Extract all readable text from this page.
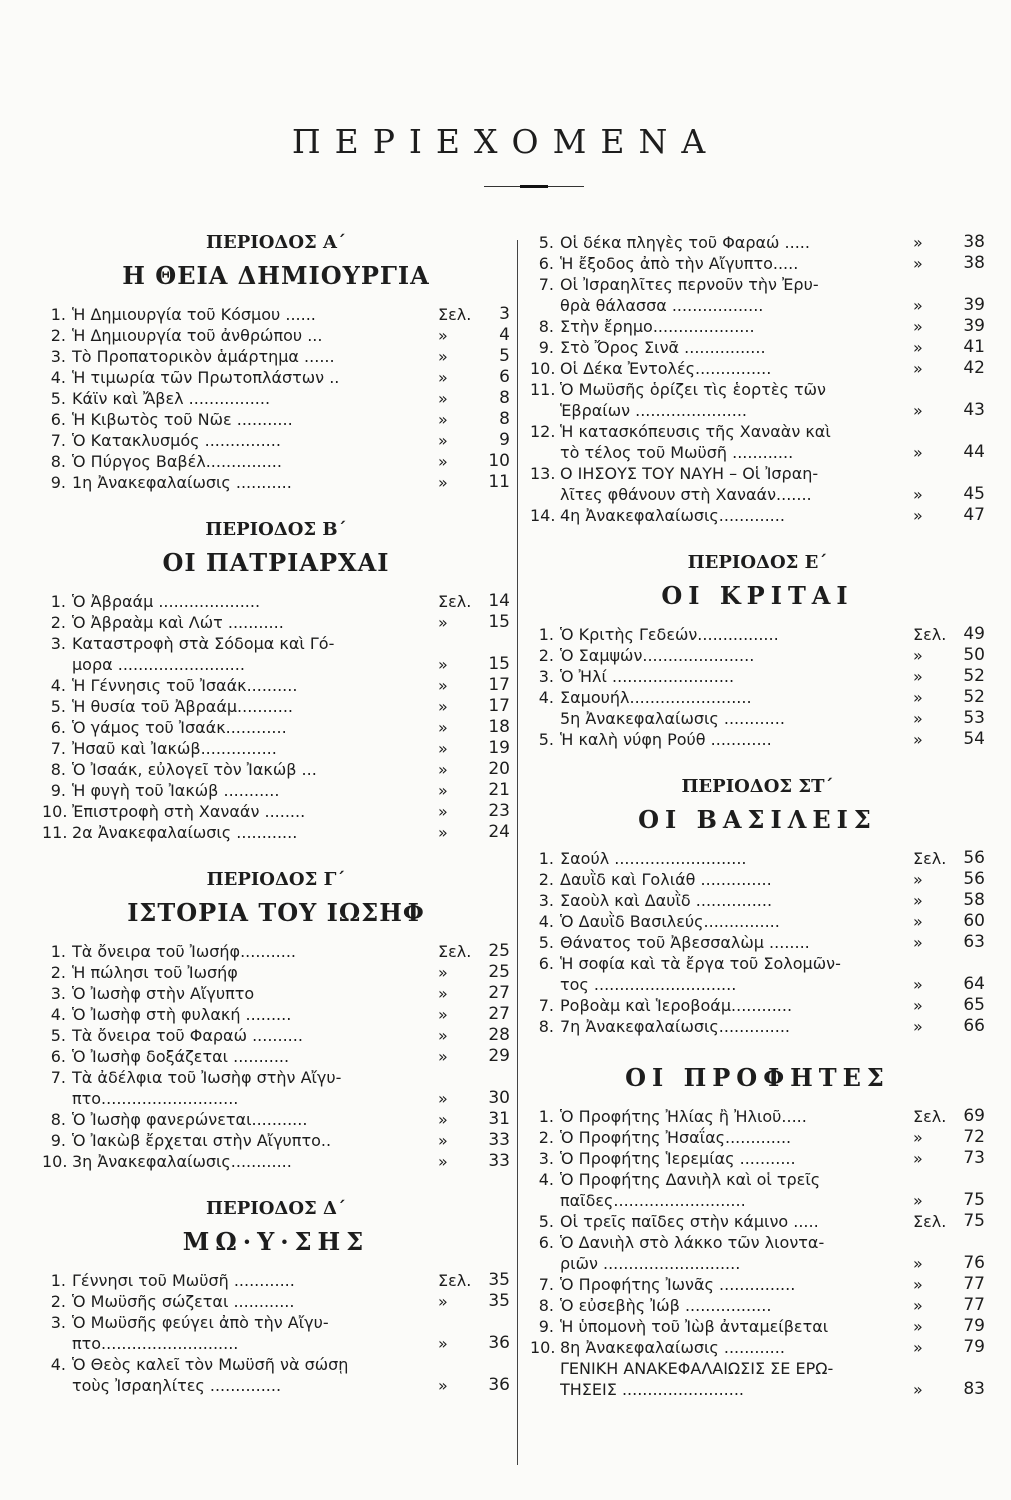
ΠΕΡΙΕΧΟΜΕΝΑ
ΠΕΡΙΟΔΟΣ Α΄
Η ΘΕΙΑ ΔΗΜΙΟΥΡΓΙΑ
1. Ἡ Δημιουργία τοῦ Κόσμου ......	Σελ.	3
2. Ἡ Δημιουργία τοῦ ἀνθρώπου ...	»	4
3. Τὸ Προπατορικὸν ἁμάρτημα ......	»	5
4. Ἡ τιμωρία τῶν Πρωτοπλάστων ..	»	6
5. Κάϊν καὶ Ἄβελ ................	»	8
6. Ἡ Κιβωτὸς τοῦ Νῶε ...........	»	8
7. Ὁ Κατακλυσμός ...............	»	9
8. Ὁ Πύργος Βαβέλ...............	»	10
9. 1η Ἀνακεφαλαίωσις ...........	»	11
ΠΕΡΙΟΔΟΣ Β΄
ΟΙ ΠΑΤΡΙΑΡΧΑΙ
1. Ὁ Ἀβραάμ ....................	Σελ.	14
2. Ὁ Ἀβραὰμ καὶ Λώτ ...........	»	15
3. Καταστροφὴ στὰ Σόδομα καὶ Γό-
μορα .........................	»	15
4. Ἡ Γέννησις τοῦ Ἰσαάκ..........	»	17
5. Ἡ θυσία τοῦ Ἀβραάμ...........	»	17
6. Ὁ γάμος τοῦ Ἰσαάκ............	»	18
7. Ἠσαῦ καὶ Ἰακώβ...............	»	19
8. Ὁ Ἰσαάκ, εὐλογεῖ τὸν Ἰακώβ ...	»	20
9. Ἡ φυγὴ τοῦ Ἰακώβ ...........	»	21
10. Ἐπιστροφὴ στὴ Χαναάν ........	»	23
11. 2α Ἀνακεφαλαίωσις ............	»	24
ΠΕΡΙΟΔΟΣ Γ΄
ΙΣΤΟΡΙΑ ΤΟΥ ΙΩΣΗΦ
1. Τὰ ὄνειρα τοῦ Ἰωσήφ...........	Σελ.	25
2. Ἡ πώλησι τοῦ Ἰωσήφ	»	25
3. Ὁ Ἰωσὴφ στὴν Αἴγυπτο	»	27
4. Ὁ Ἰωσὴφ στὴ φυλακή .........	»	27
5. Τὰ ὄνειρα τοῦ Φαραώ ..........	»	28
6. Ὁ Ἰωσὴφ δοξάζεται ...........	»	29
7. Τὰ ἀδέλφια τοῦ Ἰωσὴφ στὴν Αἴγυ-
πτο...........................	»	30
8. Ὁ Ἰωσὴφ φανερώνεται...........	»	31
9. Ὁ Ἰακὼβ ἔρχεται στὴν Αἴγυπτο..	»	33
10. 3η Ἀνακεφαλαίωσις............	»	33
ΠΕΡΙΟΔΟΣ Δ΄
ΜΩ·Υ·ΣΗΣ
1. Γέννησι τοῦ Μωϋσῆ ............	Σελ.	35
2. Ὁ Μωϋσῆς σώζεται ............	»	35
3. Ὁ Μωϋσῆς φεύγει ἀπὸ τὴν Αἴγυ-
πτο...........................	»	36
4. Ὁ Θεὸς καλεῖ τὸν Μωϋσῆ νὰ σώσῃ
τοὺς Ἰσραηλίτες ..............	»	36
5. Οἱ δέκα πληγὲς τοῦ Φαραώ .....	»	38
6. Ἡ ἔξοδος ἀπὸ τὴν Αἴγυπτο.....	»	38
7. Οἱ Ἰσραηλῖτες περνοῦν τὴν Ἐρυ-
θρὰ θάλασσα ..................	»	39
8. Στὴν ἔρημο....................	»	39
9. Στὸ Ὄρος Σινᾶ ................	»	41
10. Οἱ Δέκα Ἐντολές...............	»	42
11. Ὁ Μωϋσῆς ὁρίζει τὶς ἑορτὲς τῶν
Ἑβραίων ......................	»	43
12. Ἡ κατασκόπευσις τῆς Χαναὰν καὶ
τὸ τέλος τοῦ Μωϋσῆ ............	»	44
13. Ο ΙΗΣΟΥΣ ΤΟΥ ΝΑΥΗ – Οἱ Ἰσραη-
λῖτες φθάνουν στὴ Χαναάν.......	»	45
14. 4η Ἀνακεφαλαίωσις.............	»	47
ΠΕΡΙΟΔΟΣ Ε΄
ΟΙ ΚΡΙΤΑΙ
1. Ὁ Κριτὴς Γεδεών................	Σελ.	49
2. Ὁ Σαμψών......................	»	50
3. Ὁ Ἠλί ........................	»	52
4. Σαμουήλ........................	»	52
5η Ἀνακεφαλαίωσις ............	»	53
5. Ἡ καλὴ νύφη Ρούθ ............	»	54
ΠΕΡΙΟΔΟΣ ΣΤ΄
ΟΙ ΒΑΣΙΛΕΙΣ
1. Σαούλ ..........................	Σελ.	56
2. Δαυῒδ καὶ Γολιάθ ..............	»	56
3. Σαοὺλ καὶ Δαυῒδ ...............	»	58
4. Ὁ Δαυῒδ Βασιλεύς...............	»	60
5. Θάνατος τοῦ Ἀβεσσαλὼμ ........	»	63
6. Ἡ σοφία καὶ τὰ ἔργα τοῦ Σολομῶν-
τος ............................	»	64
7. Ροβοὰμ καὶ Ἱεροβοάμ............	»	65
8. 7η Ἀνακεφαλαίωσις..............	»	66
ΟΙ ΠΡΟΦΗΤΕΣ
1. Ὁ Προφήτης Ἠλίας ἢ Ἠλιοῦ.....	Σελ.	69
2. Ὁ Προφήτης Ἠσαΐας.............	»	72
3. Ὁ Προφήτης Ἱερεμίας ...........	»	73
4. Ὁ Προφήτης Δανιὴλ καὶ οἱ τρεῖς
παῖδες..........................	»	75
5. Οἱ τρεῖς παῖδες στὴν κάμινο .....	Σελ.	75
6. Ὁ Δανιὴλ στὸ λάκκο τῶν λιοντα-
ριῶν ...........................	»	76
7. Ὁ Προφήτης Ἰωνᾶς ...............	»	77
8. Ὁ εὐσεβὴς Ἰώβ .................	»	77
9. Ἡ ὑπομονὴ τοῦ Ἰὼβ ἀνταμείβεται	»	79
10. 8η Ἀνακεφαλαίωσις ............	»	79
ΓΕΝΙΚΗ ΑΝΑΚΕΦΑΛΑΙΩΣΙΣ ΣΕ ΕΡΩ-
ΤΗΣΕΙΣ ........................	»	83
